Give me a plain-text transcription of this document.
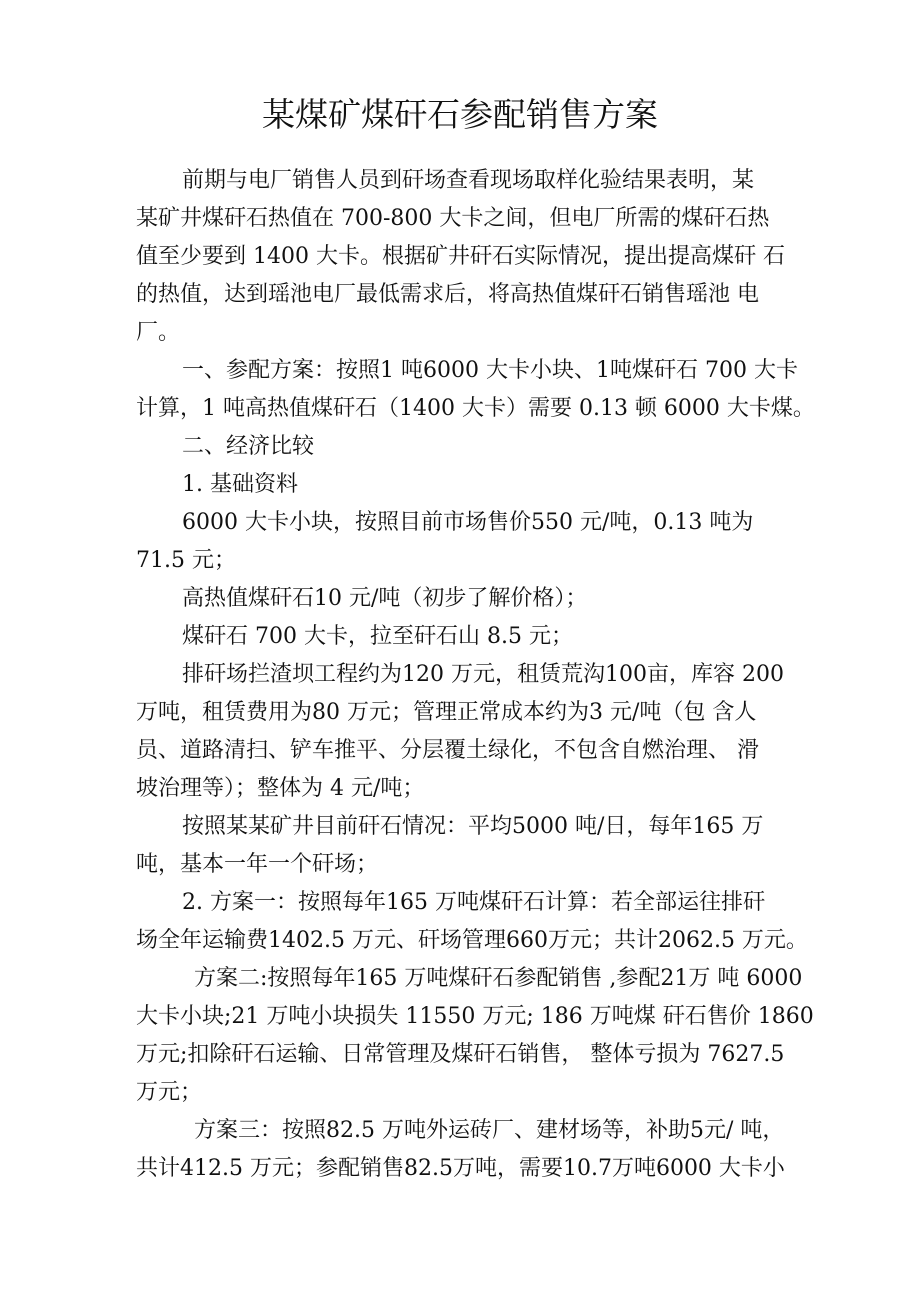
某煤矿煤矸石参配销售方案

前期与电厂销售人员到矸场查看现场取样化验结果表明，某

某矿井煤矸石热值在 700-800 大卡之间，但电厂所需的煤矸石热

值至少要到 1400 大卡。根据矿井矸石实际情况，提出提高煤矸 石

的热值，达到瑶池电厂最低需求后，将高热值煤矸石销售瑶池 电

厂。

一、参配方案：按照1 吨6000 大卡小块、1吨煤矸石 700 大卡

计算，1 吨高热值煤矸石（1400 大卡）需要 0.13 顿 6000 大卡煤。

二、经济比较

1. 基础资料

6000 大卡小块，按照目前市场售价550 元/吨，0.13 吨为

71.5 元；

高热值煤矸石10 元/吨（初步了解价格）；

煤矸石 700 大卡，拉至矸石山 8.5 元；

排矸场拦渣坝工程约为120 万元，租赁荒沟100亩，库容 200

万吨，租赁费用为80 万元；管理正常成本约为3 元/吨（包 含人

员、道路清扫、铲车推平、分层覆土绿化，不包含自燃治理、 滑

坡治理等）；整体为 4 元/吨；

按照某某矿井目前矸石情况：平均5000 吨/日，每年165 万

吨，基本一年一个矸场；

2. 方案一：按照每年165 万吨煤矸石计算：若全部运往排矸

场全年运输费1402.5 万元、矸场管理660万元；共计2062.5 万元。

方案二:按照每年165 万吨煤矸石参配销售 ,参配21万 吨 6000

大卡小块;21 万吨小块损失 11550 万元; 186 万吨煤 矸石售价 1860

万元;扣除矸石运输、日常管理及煤矸石销售， 整体亏损为 7627.5

万元；

方案三：按照82.5 万吨外运砖厂、建材场等，补助5元/ 吨，

共计412.5 万元；参配销售82.5万吨，需要10.7万吨6000 大卡小
